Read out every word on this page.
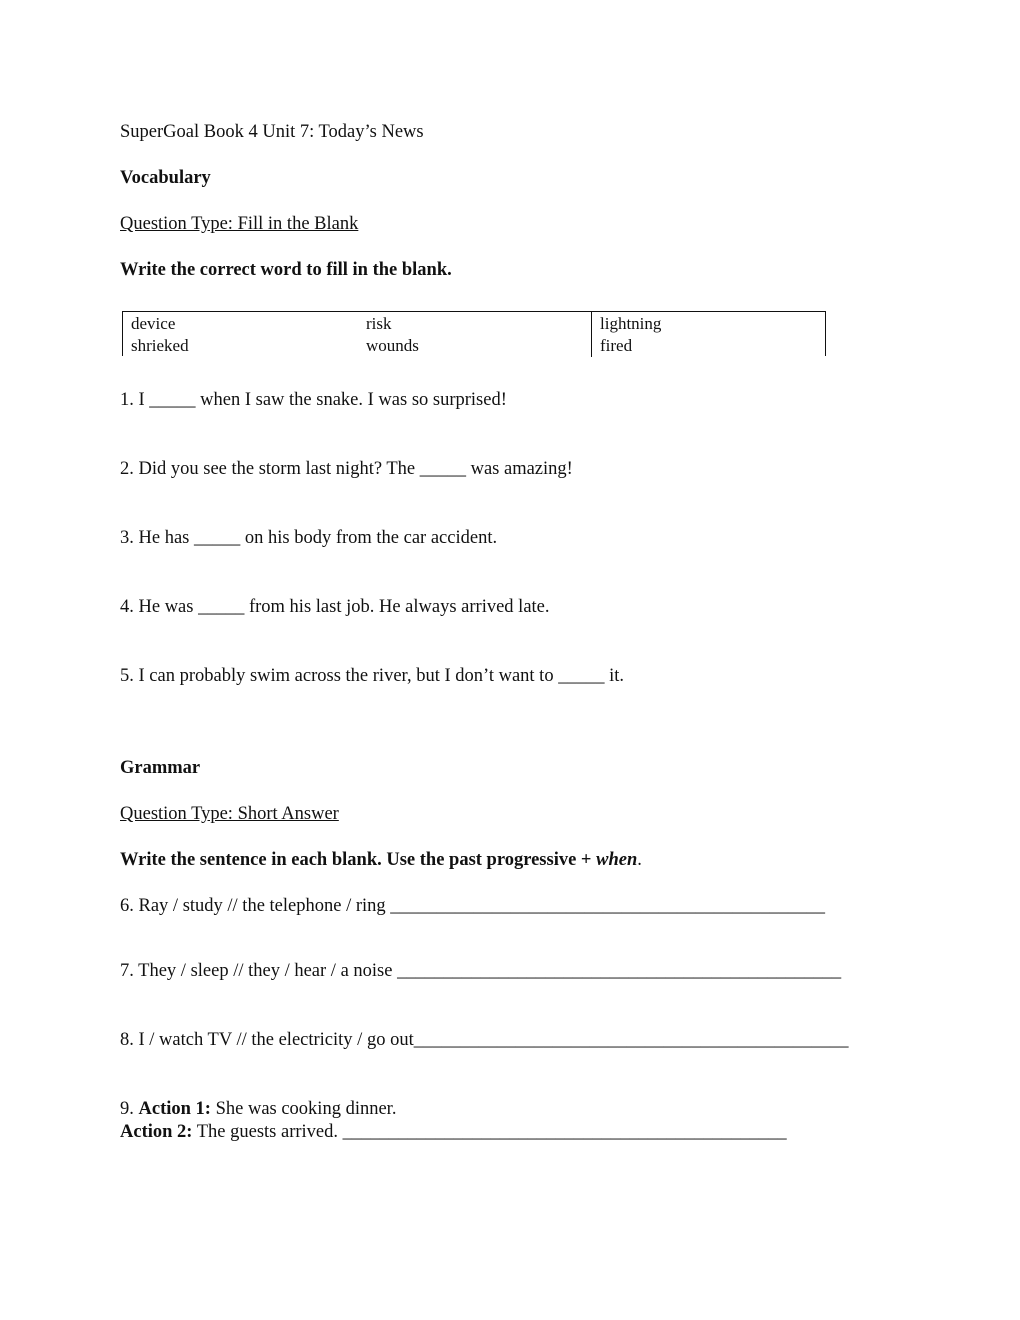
SuperGoal Book 4 Unit 7: Today’s News
Vocabulary
Question Type: Fill in the Blank
Write the correct word to fill in the blank.
device
shrieked
risk
wounds
lightning
fired
1. I _____ when I saw the snake. I was so surprised!
2. Did you see the storm last night? The _____ was amazing!
3. He has _____ on his body from the car accident.
4. He was _____ from his last job. He always arrived late.
5. I can probably swim across the river, but I don’t want to _____ it.
Grammar
Question Type: Short Answer
Write the sentence in each blank. Use the past progressive + when.
6. Ray / study // the telephone / ring _______________________________________________
7. They / sleep // they / hear / a noise ________________________________________________
8. I / watch TV // the electricity / go out_______________________________________________
9. Action 1: She was cooking dinner.
Action 2: The guests arrived. ________________________________________________
